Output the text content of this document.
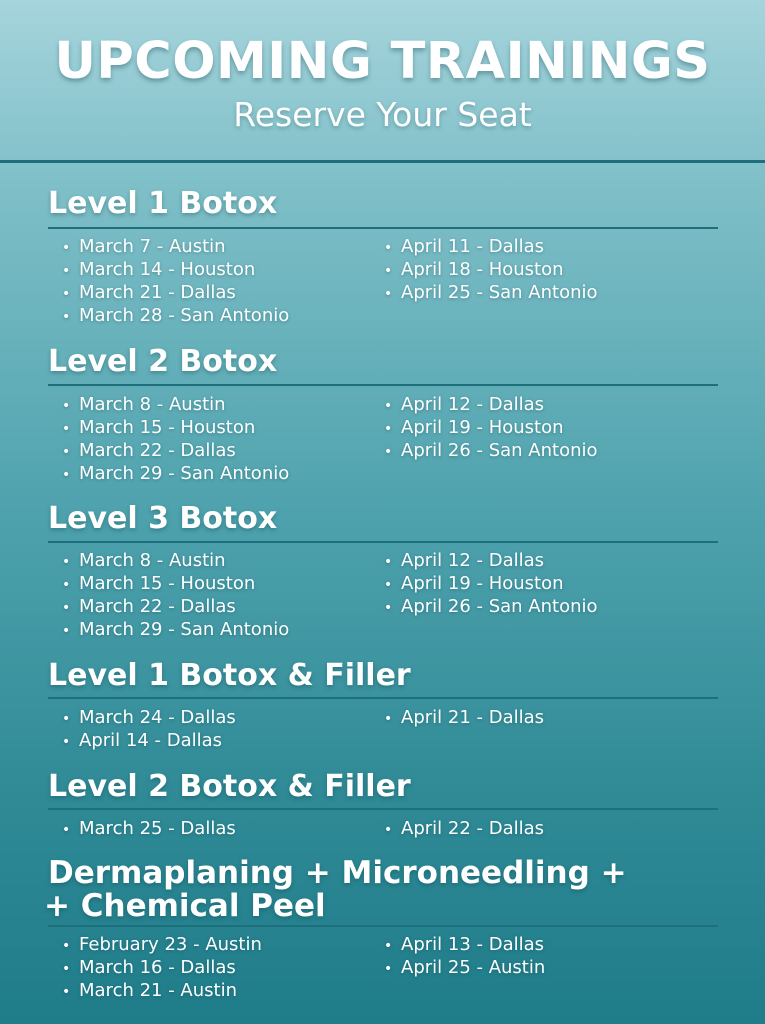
UPCOMING TRAININGS
Reserve Your Seat
Level 1 Botox
• March 7 - Austin
• March 14 - Houston
• March 21 - Dallas
• March 28 - San Antonio
• April 11 - Dallas
• April 18 - Houston
• April 25 - San Antonio
Level 2 Botox
• March 8 - Austin
• March 15 - Houston
• March 22 - Dallas
• March 29 - San Antonio
• April 12 - Dallas
• April 19 - Houston
• April 26 - San Antonio
Level 3 Botox
• March 8 - Austin
• March 15 - Houston
• March 22 - Dallas
• March 29 - San Antonio
• April 12 - Dallas
• April 19 - Houston
• April 26 - San Antonio
Level 1 Botox & Filler
• March 24 - Dallas
• April 14 - Dallas
• April 21 - Dallas
Level 2 Botox & Filler
• March 25 - Dallas	• April 22 - Dallas
Dermaplaning + Microneedling +
+ Chemical Peel
• February 23 - Austin
• March 16 - Dallas
• March 21 - Austin
• April 13 - Dallas
• April 25 - Austin
